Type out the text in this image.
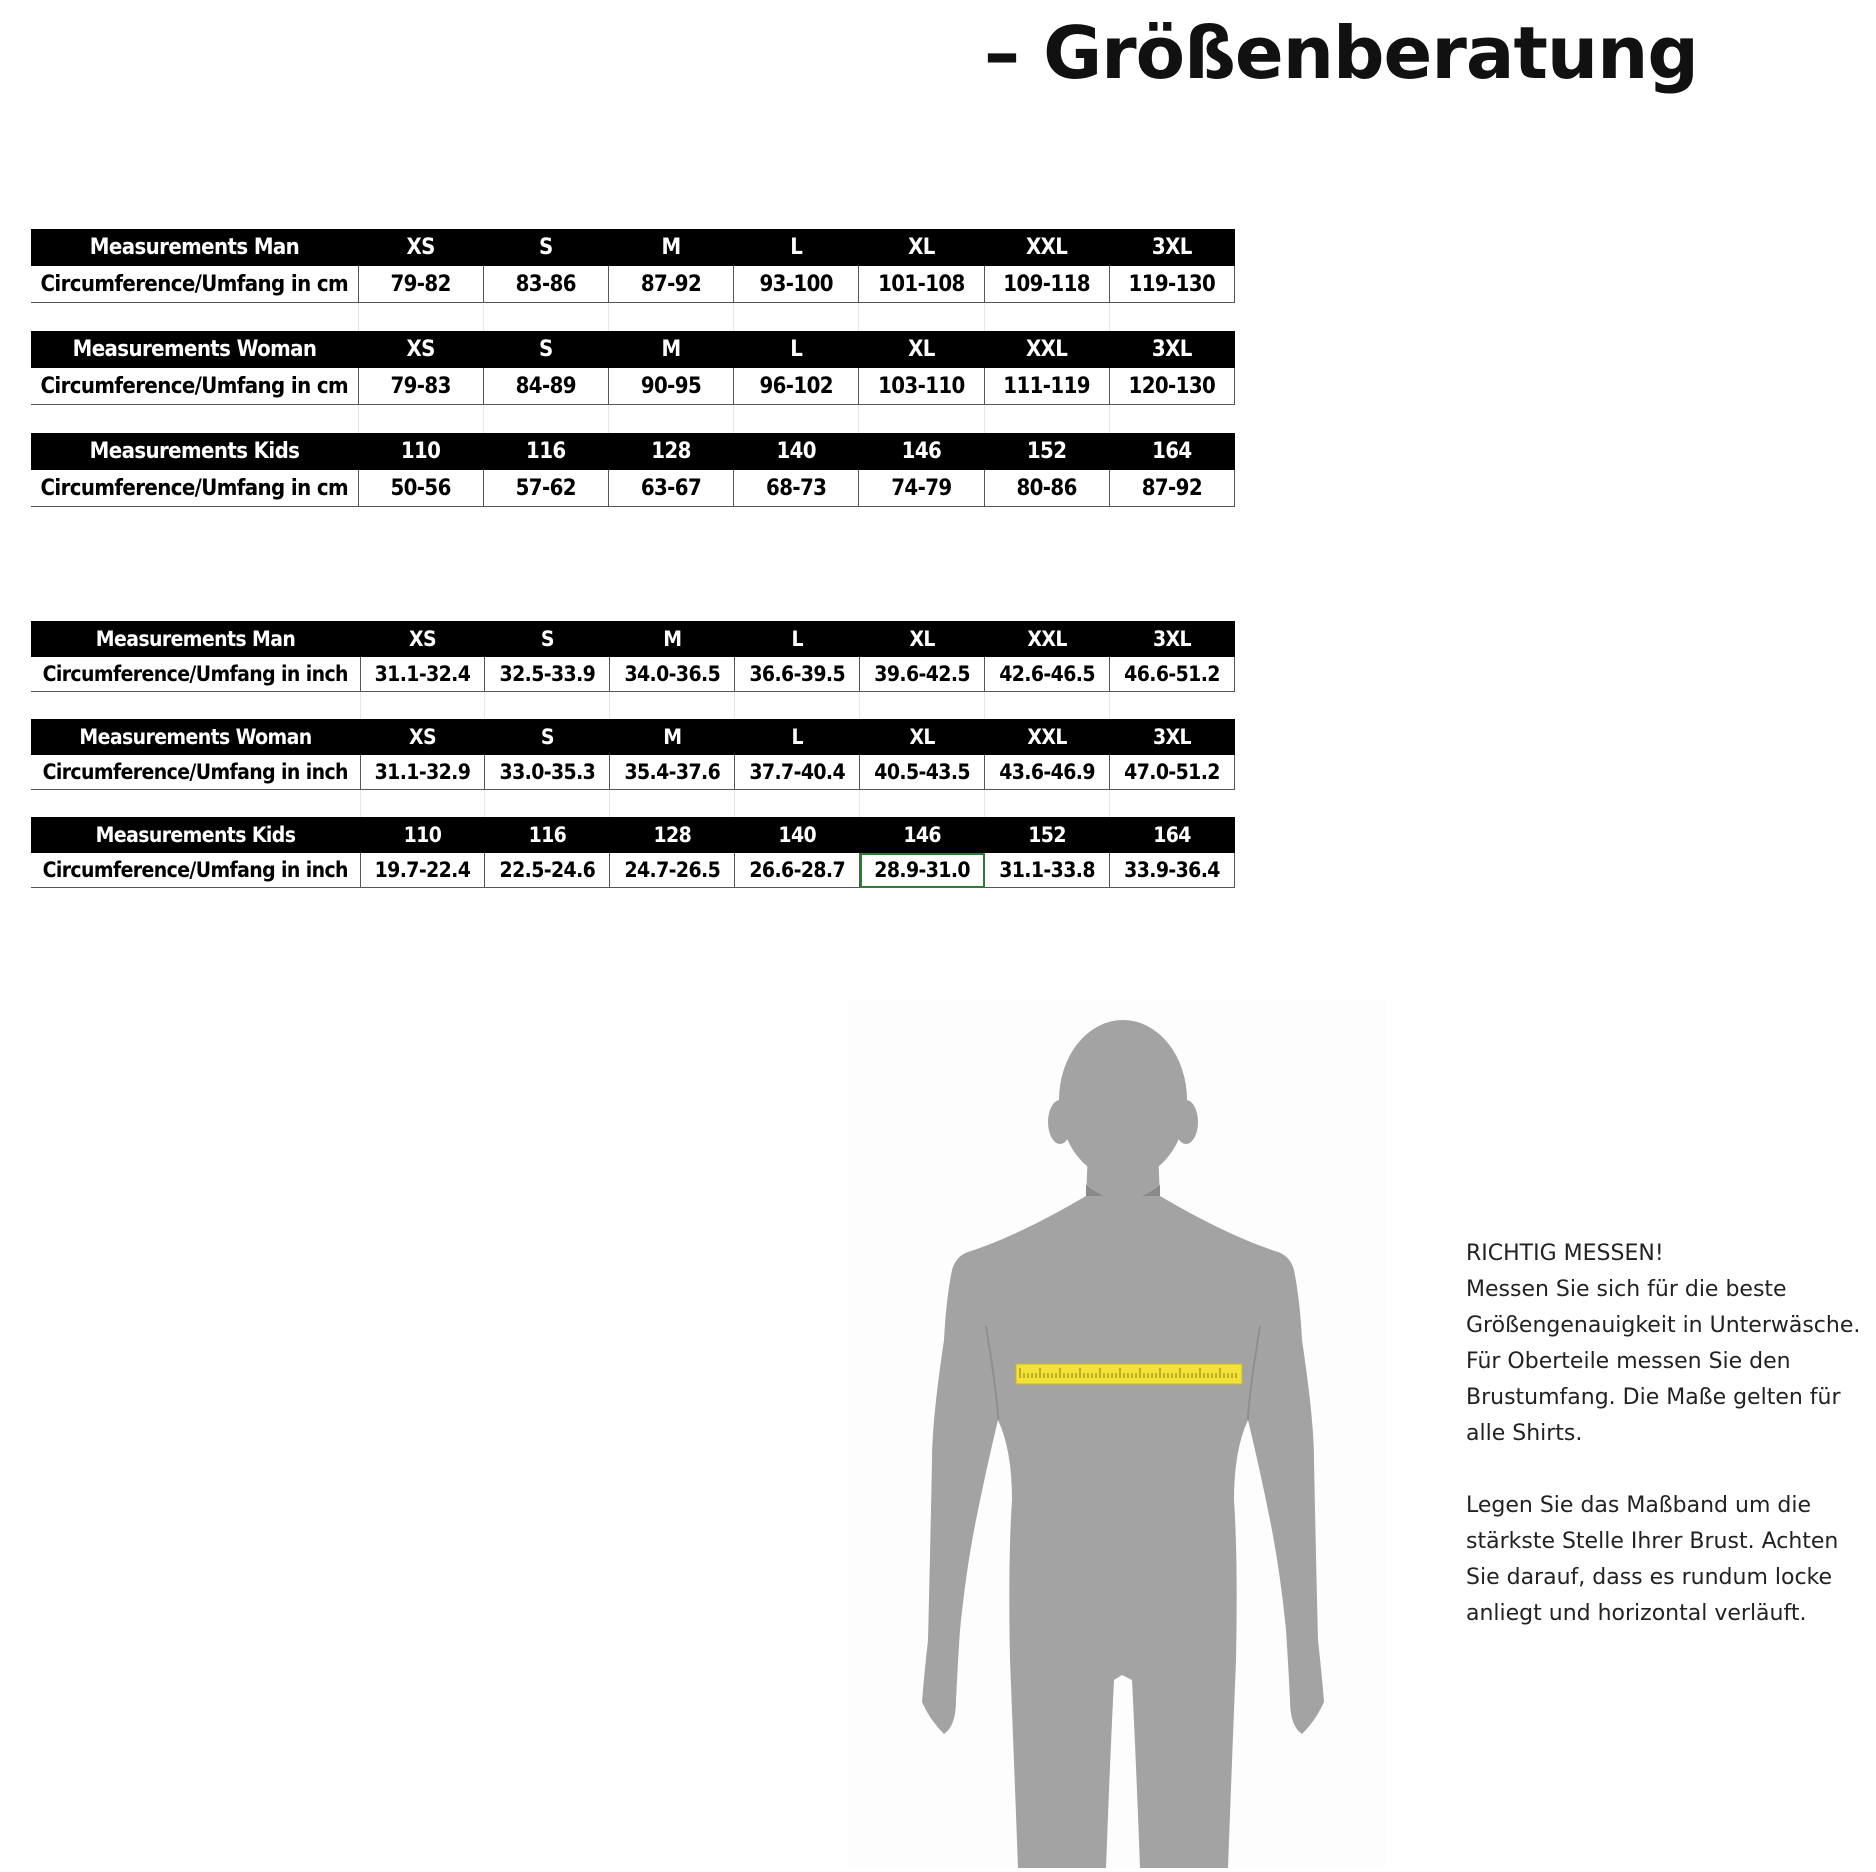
– Größenberatung
Measurements Man	XS	S	M	L	XL	XXL	3XL
Circumference/Umfang in cm	79-82	83-86	87-92	93-100	101-108	109-118	119-130

Measurements Woman	XS	S	M	L	XL	XXL	3XL
Circumference/Umfang in cm	79-83	84-89	90-95	96-102	103-110	111-119	120-130

Measurements Kids	110	116	128	140	146	152	164
Circumference/Umfang in cm	50-56	57-62	63-67	68-73	74-79	80-86	87-92
Measurements Man	XS	S	M	L	XL	XXL	3XL
Circumference/Umfang in inch	31.1-32.4	32.5-33.9	34.0-36.5	36.6-39.5	39.6-42.5	42.6-46.5	46.6-51.2

Measurements Woman	XS	S	M	L	XL	XXL	3XL
Circumference/Umfang in inch	31.1-32.9	33.0-35.3	35.4-37.6	37.7-40.4	40.5-43.5	43.6-46.9	47.0-51.2

Measurements Kids	110	116	128	140	146	152	164
Circumference/Umfang in inch	19.7-22.4	22.5-24.6	24.7-26.5	26.6-28.7	28.9-31.0	31.1-33.8	33.9-36.4

RICHTIG MESSEN!

Messen Sie sich für die beste

Größengenauigkeit in Unterwäsche.

Für Oberteile messen Sie den

Brustumfang. Die Maße gelten für

alle Shirts.

Legen Sie das Maßband um die

stärkste Stelle Ihrer Brust. Achten

Sie darauf, dass es rundum locke

anliegt und horizontal verläuft.
